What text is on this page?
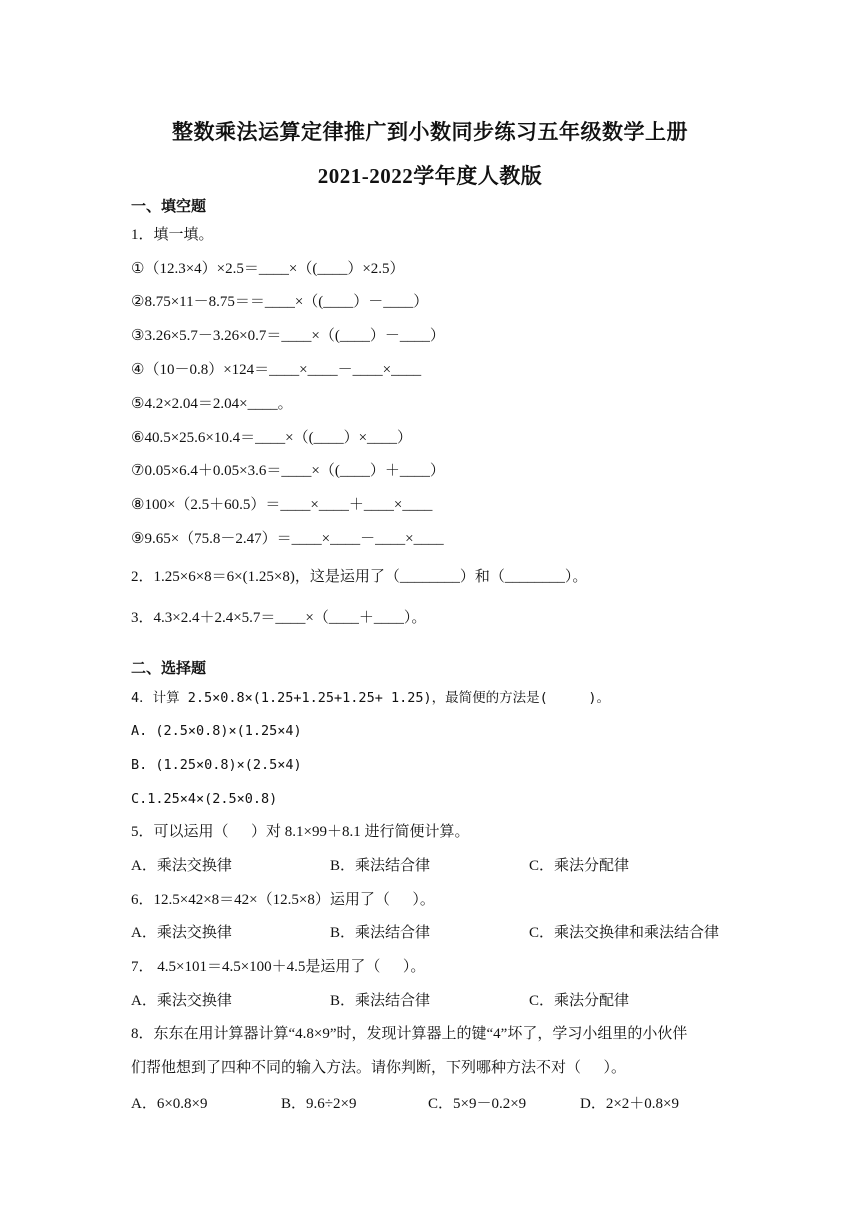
整数乘法运算定律推广到小数同步练习五年级数学上册
2021-2022学年度人教版
一、填空题
1．填一填。
①（12.3×4）×2.5＝____×（(____）×2.5）
②8.75×11－8.75＝＝____×（(____）－____）
③3.26×5.7－3.26×0.7＝____×（(____）－____）
④（10－0.8）×124＝____×____－____×____
⑤4.2×2.04＝2.04×____。
⑥40.5×25.6×10.4＝____×（(____）×____）
⑦0.05×6.4＋0.05×3.6＝____×（(____）＋____）
⑧100×（2.5＋60.5）＝____×____＋____×____
⑨9.65×（75.8－2.47）＝____×____－____×____
2．1.25×6×8＝6×(1.25×8)，这是运用了（________）和（________）。
3．4.3×2.4＋2.4×5.7＝____×（____＋____）。
二、选择题
4．计算 2.5×0.8×(1.25+1.25+1.25+ 1.25)，最简便的方法是(     )。
A. (2.5×0.8)×(1.25×4)
B. (1.25×0.8)×(2.5×4)
C.1.25×4×(2.5×0.8)
5．可以运用（      ）对 8.1×99＋8.1 进行简便计算。
A．乘法交换律	B．乘法结合律	C．乘法分配律
6．12.5×42×8＝42×（12.5×8）运用了（      ）。
A．乘法交换律	B．乘法结合律	C．乘法交换律和乘法结合律
7． 4.5×101＝4.5×100＋4.5是运用了（      ）。
A．乘法交换律	B．乘法结合律	C．乘法分配律
8．东东在用计算器计算“4.8×9”时，发现计算器上的键“4”坏了，学习小组里的小伙伴
们帮他想到了四种不同的输入方法。请你判断，下列哪种方法不对（      ）。
A．6×0.8×9	B．9.6÷2×9	C．5×9－0.2×9	D．2×2＋0.8×9
